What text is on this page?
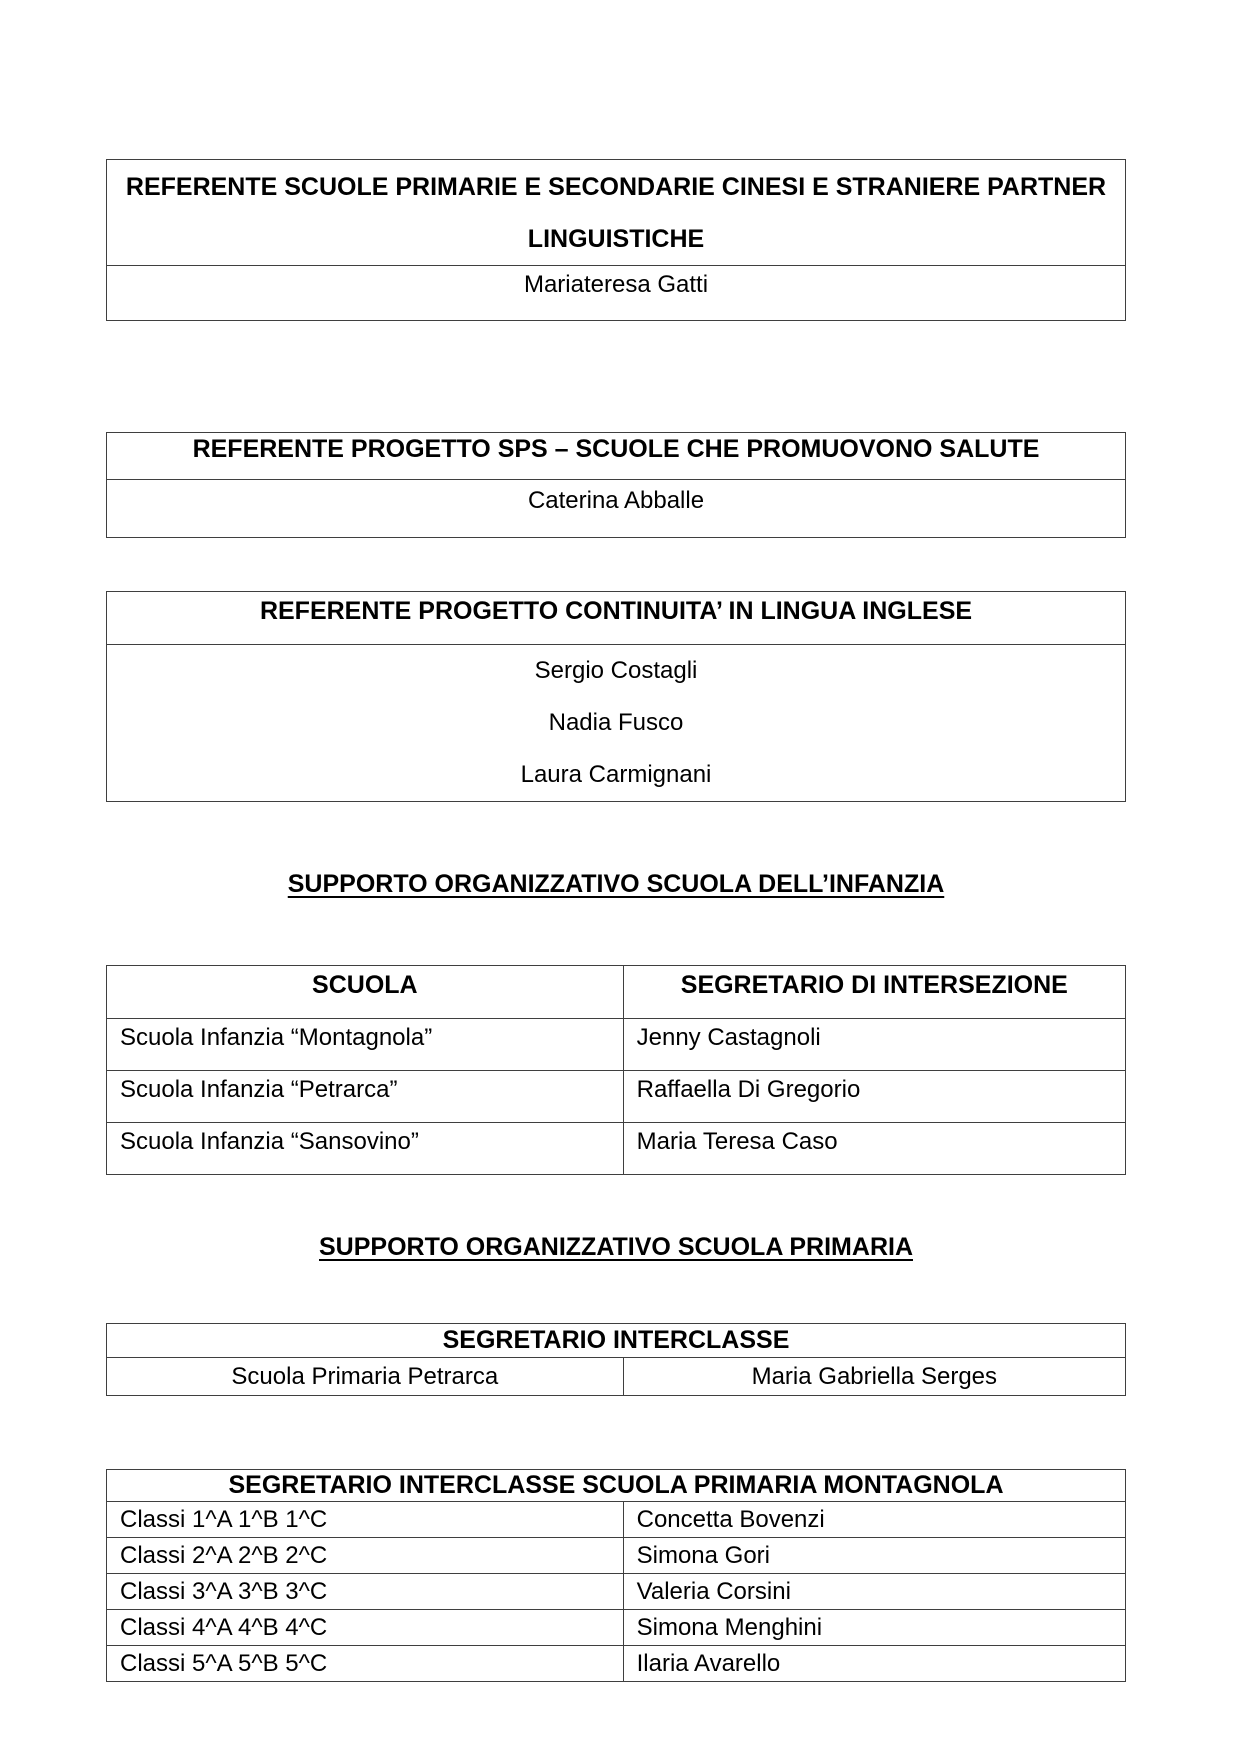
REFERENTE SCUOLE PRIMARIE E SECONDARIE CINESI E STRANIERE PARTNER
LINGUISTICHE

Mariateresa Gatti
REFERENTE PROGETTO SPS – SCUOLE CHE PROMUOVONO SALUTE
Caterina Abballe
REFERENTE PROGETTO CONTINUITA’ IN LINGUA INGLESE

Sergio Costagli
Nadia Fusco
Laura Carmignani
SUPPORTO ORGANIZZATIVO SCUOLA DELL’INFANZIA
SCUOLA	SEGRETARIO DI INTERSEZIONE
Scuola Infanzia “Montagnola”	Jenny Castagnoli
Scuola Infanzia “Petrarca”	Raffaella Di Gregorio
Scuola Infanzia “Sansovino”	Maria Teresa Caso
SUPPORTO ORGANIZZATIVO SCUOLA PRIMARIA
SEGRETARIO INTERCLASSE
Scuola Primaria Petrarca	Maria Gabriella Serges
SEGRETARIO INTERCLASSE SCUOLA PRIMARIA MONTAGNOLA	
Classi 1^A 1^B 1^C	Concetta Bovenzi
Classi 2^A 2^B 2^C	Simona Gori
Classi 3^A 3^B 3^C	Valeria Corsini
Classi 4^A 4^B 4^C	Simona Menghini
Classi 5^A 5^B 5^C	Ilaria Avarello
